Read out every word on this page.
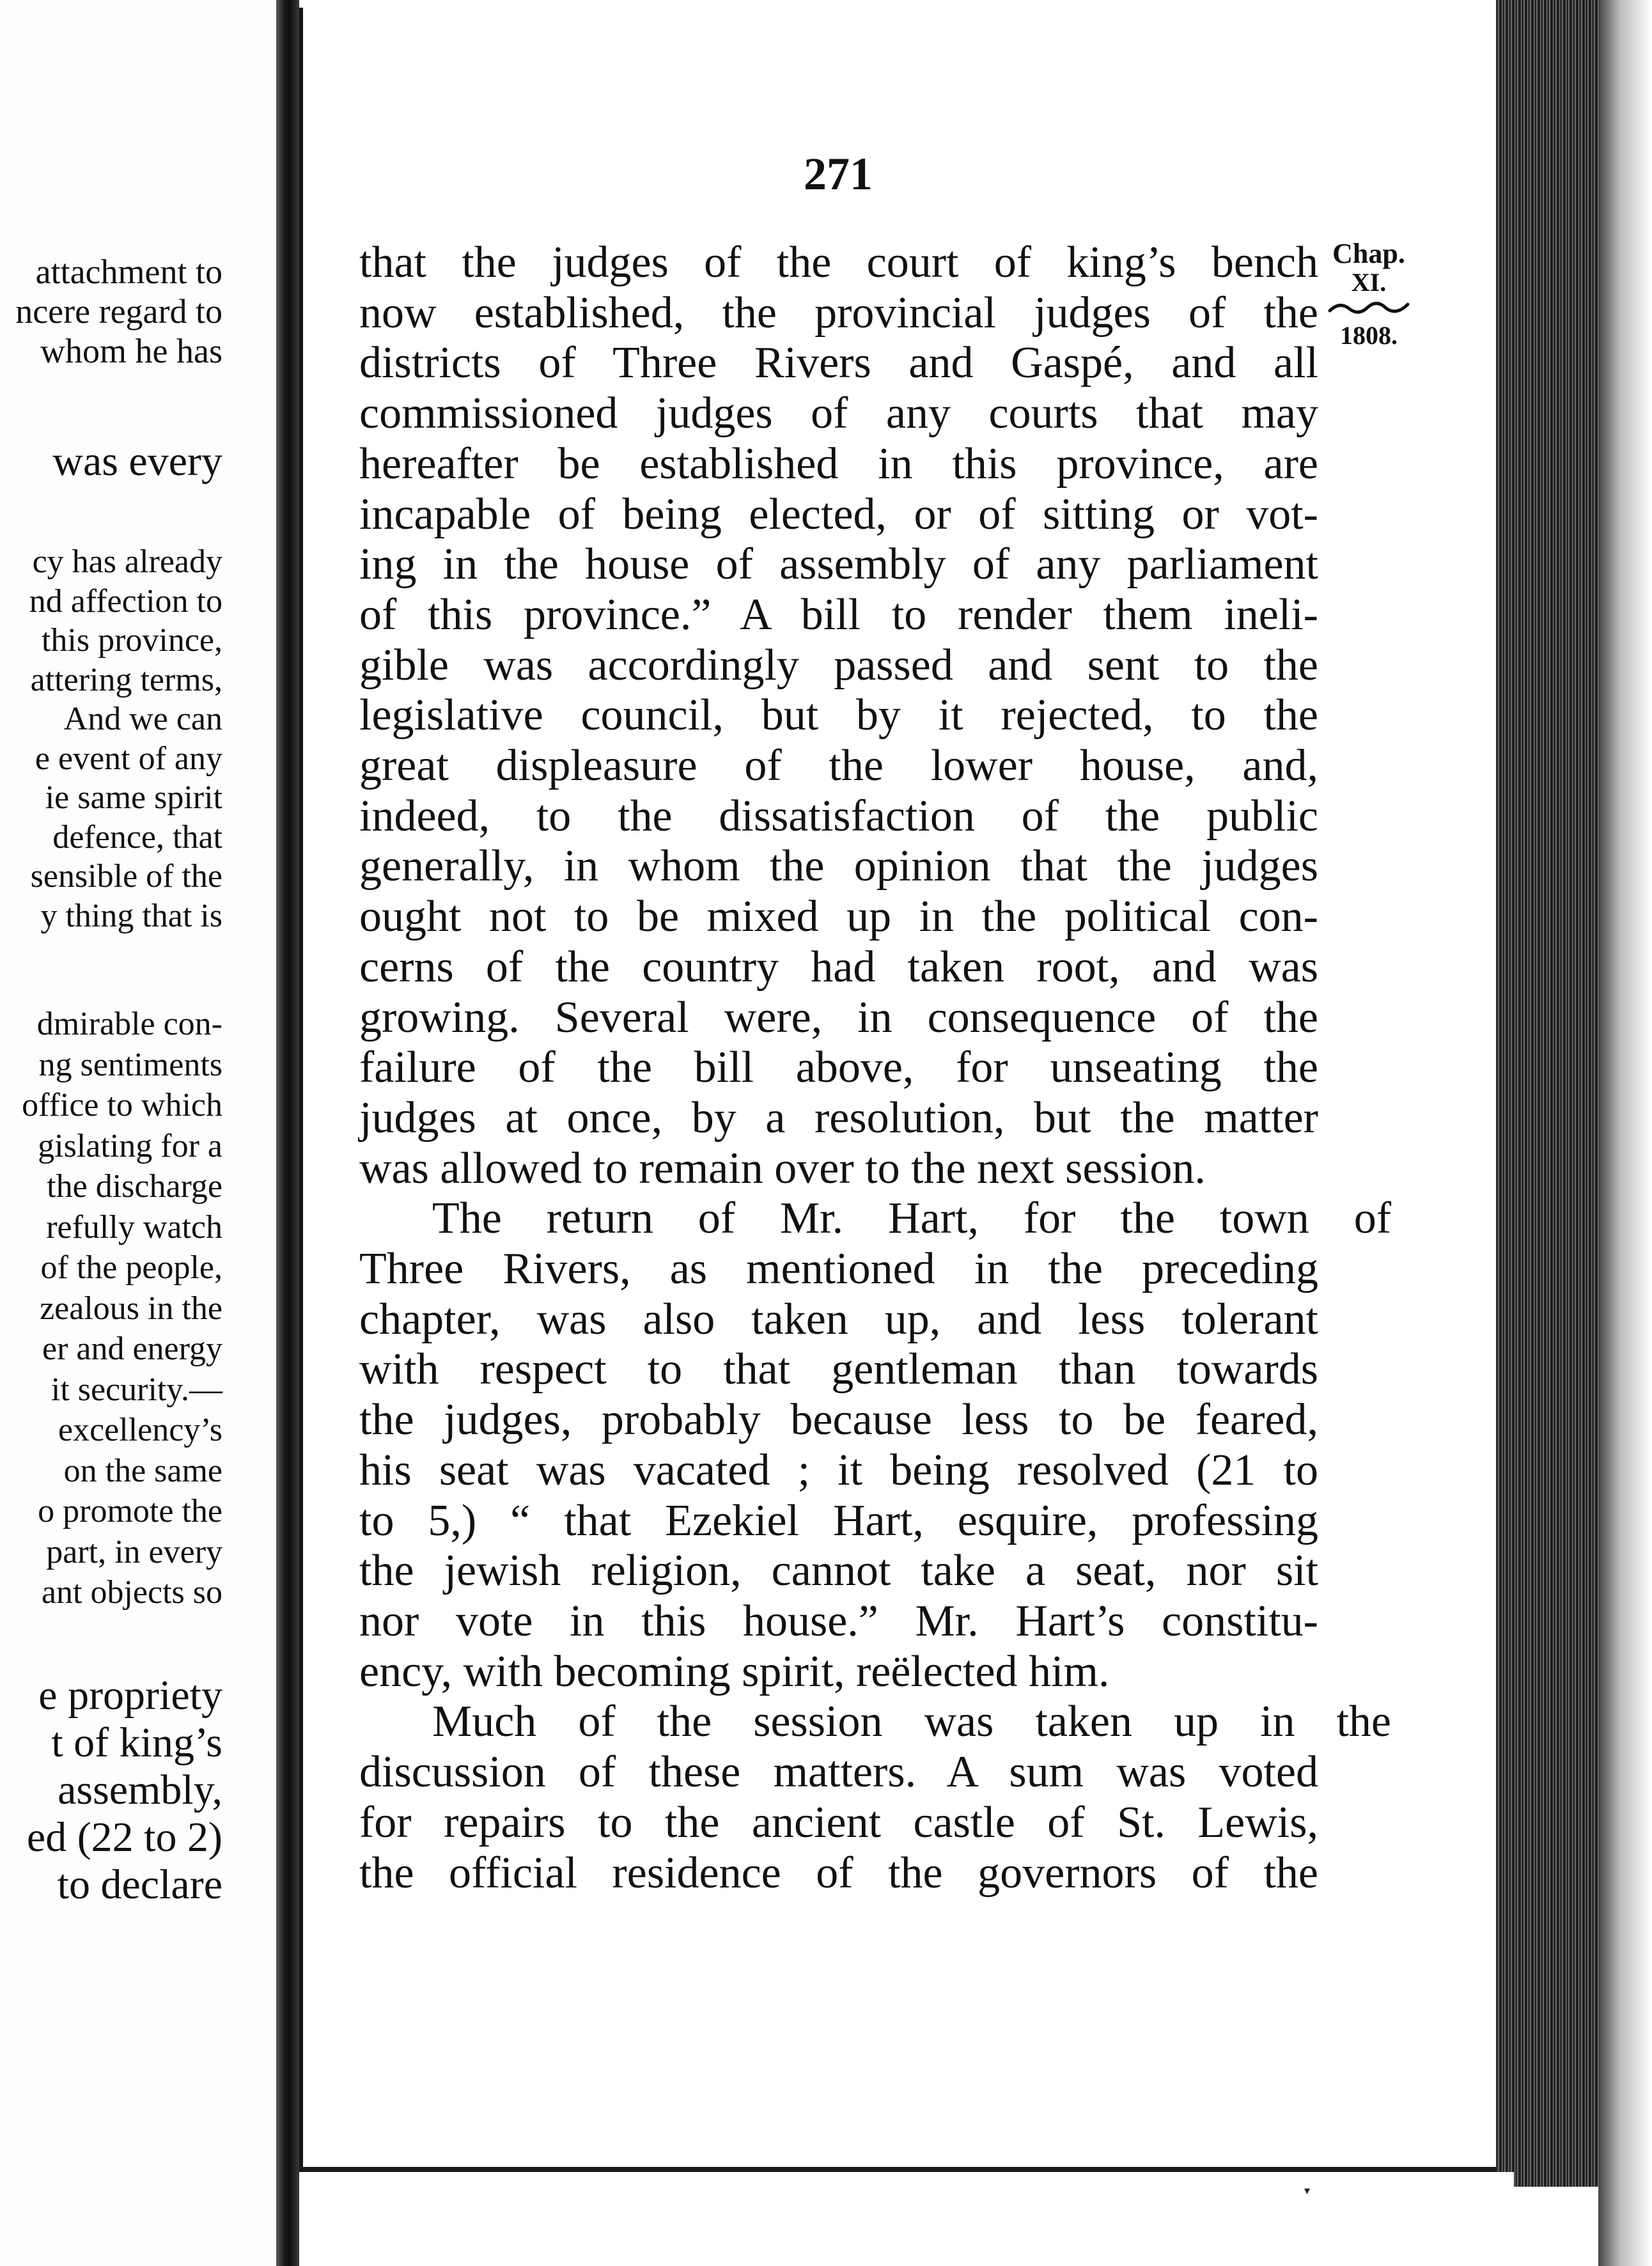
attachment to
ncere regard to
whom he has
was every
cy has already
nd affection to
this province,
attering terms,
And we can
e event of any
ie same spirit
defence, that
sensible of the
y thing that is
dmirable con-
ng sentiments
office to which
gislating for a
the discharge
refully watch
of the people,
zealous in the
er and energy
it security.—
excellency’s
on the same
o promote the
part, in every
ant objects so
e propriety
t of king’s
assembly,
ed (22 to 2)
to declare
271
Chap.
XI.
1808.
that the judges of the court of king’s bench
now established, the provincial judges of the
districts of Three Rivers and Gaspé, and all
commissioned judges of any courts that may
hereafter be established in this province, are
incapable of being elected, or of sitting or vot-
ing in the house of assembly of any parliament
of this province.” A bill to render them ineli-
gible was accordingly passed and sent to the
legislative council, but by it rejected, to the
great displeasure of the lower house, and,
indeed, to the dissatisfaction of the public
generally, in whom the opinion that the judges
ought not to be mixed up in the political con-
cerns of the country had taken root, and was
growing. Several were, in consequence of the
failure of the bill above, for unseating the
judges at once, by a resolution, but the matter
was allowed to remain over to the next session.
The return of Mr. Hart, for the town of
Three Rivers, as mentioned in the preceding
chapter, was also taken up, and less tolerant
with respect to that gentleman than towards
the judges, probably because less to be feared,
his seat was vacated ; it being resolved (21 to
to 5,) “ that Ezekiel Hart, esquire, professing
the jewish religion, cannot take a seat, nor sit
nor vote in this house.” Mr. Hart’s constitu-
ency, with becoming spirit, reëlected him.
Much of the session was taken up in the
discussion of these matters. A sum was voted
for repairs to the ancient castle of St. Lewis,
the official residence of the governors of the
▾
